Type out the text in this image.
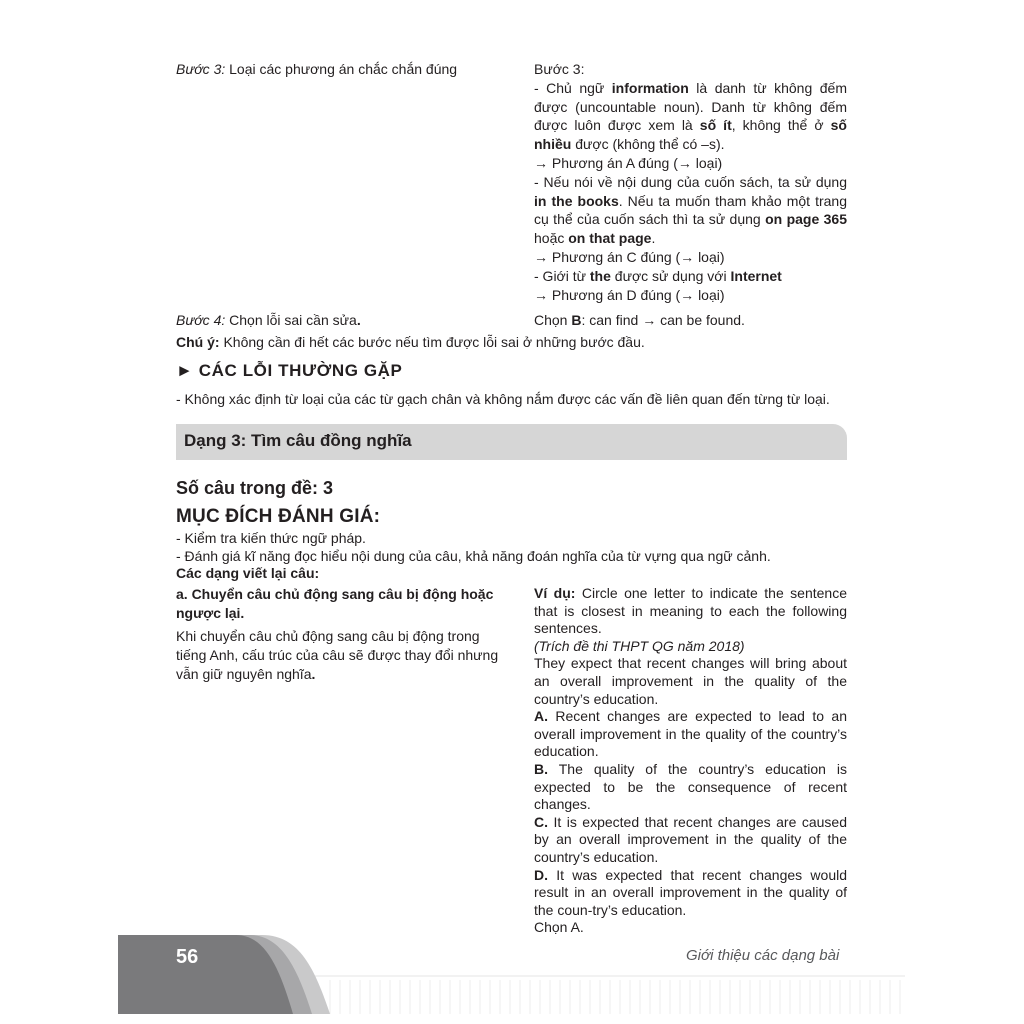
Bước 3: Loại các phương án chắc chắn đúng	Bước 3:
- Chủ ngữ information là danh từ không đếm được (uncountable noun). Danh từ không đếm được luôn được xem là số ít, không thể ở số nhiều được (không thể có –s).
→ Phương án A đúng (→ loại)
- Nếu nói về nội dung của cuốn sách, ta sử dụng in the books. Nếu ta muốn tham khảo một trang cụ thể của cuốn sách thì ta sử dụng on page 365 hoặc on that page.
→ Phương án C đúng (→ loại)
- Giới từ the được sử dụng với Internet
→ Phương án D đúng (→ loại)
Bước 4: Chọn lỗi sai cần sửa.	Chọn B: can find → can be found.
Chú ý: Không cần đi hết các bước nếu tìm được lỗi sai ở những bước đầu.
► CÁC LỖI THƯỜNG GẶP
- Không xác định từ loại của các từ gạch chân và không nắm được các vấn đề liên quan đến từng từ loại.
Dạng 3: Tìm câu đồng nghĩa
Số câu trong đề: 3
MỤC ĐÍCH ĐÁNH GIÁ:
- Kiểm tra kiến thức ngữ pháp.
- Đánh giá kĩ năng đọc hiểu nội dung của câu, khả năng đoán nghĩa của từ vựng qua ngữ cảnh.
Các dạng viết lại câu:
a. Chuyển câu chủ động sang câu bị động hoặc ngược lại.
Khi chuyển câu chủ động sang câu bị động trong tiếng Anh, cấu trúc của câu sẽ được thay đổi nhưng vẫn giữ nguyên nghĩa.
Ví dụ: Circle one letter to indicate the sentence that is closest in meaning to each the following sentences.
(Trích đề thi THPT QG năm 2018)
They expect that recent changes will bring about an overall improvement in the quality of the country’s education.
A. Recent changes are expected to lead to an overall improvement in the quality of the country’s education.
B. The quality of the country’s education is expected to be the consequence of recent changes.
C. It is expected that recent changes are caused by an overall improvement in the quality of the country’s education.
D. It was expected that recent changes would result in an overall improvement in the quality of the coun-try’s education.
Chọn A.
56	Giới thiệu các dạng bài
